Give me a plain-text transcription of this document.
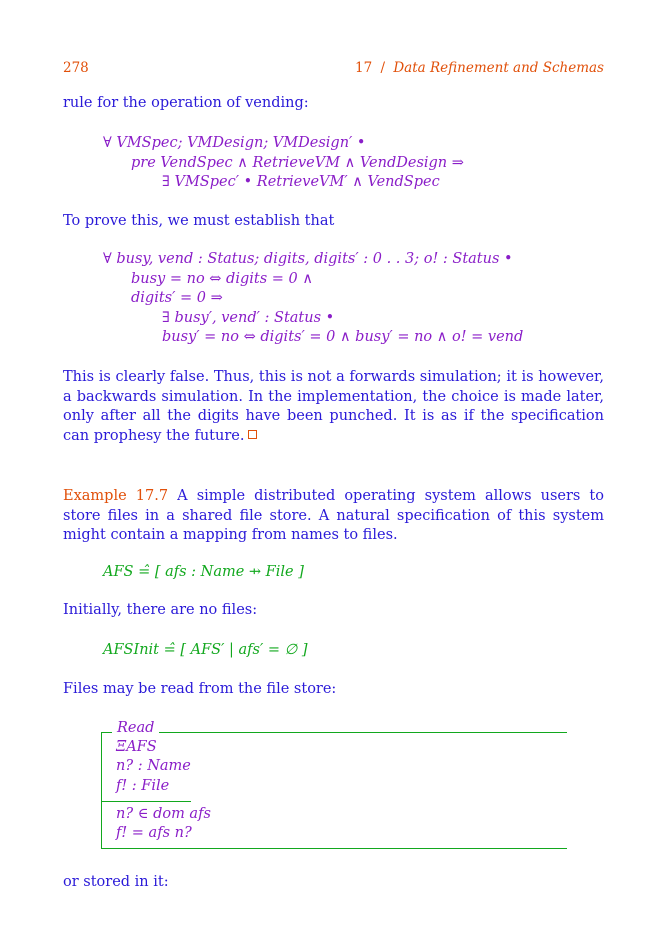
278	17 / Data Refinement and Schemas
rule for the operation of vending:
∀ VMSpec; VMDesign; VMDesign′ •
pre VendSpec ∧ RetrieveVM ∧ VendDesign ⇒
∃ VMSpec′ • RetrieveVM′ ∧ VendSpec
To prove this, we must establish that
∀ busy, vend : Status; digits, digits′ : 0 . . 3; o! : Status •
busy = no ⇔ digits = 0 ∧
digits′ = 0 ⇒
∃ busy′, vend′ : Status •
busy′ = no ⇔ digits′ = 0 ∧ busy′ = no ∧ o! = vend
This is clearly false. Thus, this is not a forwards simulation; it is however, a backwards simulation. In the implementation, the choice is made later, only after all the digits have been punched. It is as if the specification can prophesy the future.
Example 17.7 A simple distributed operating system allows users to store files in a shared file store. A natural specification of this system might contain a mapping from names to files.
AFS =̂ [ afs : Name ⇸ File ]
Initially, there are no files:
AFSInit =̂ [ AFS′ | afs′ = ∅ ]
Files may be read from the file store:
Read
ΞAFS
n? : Name
f! : File
n? ∈ dom afs
f! = afs n?
or stored in it:
